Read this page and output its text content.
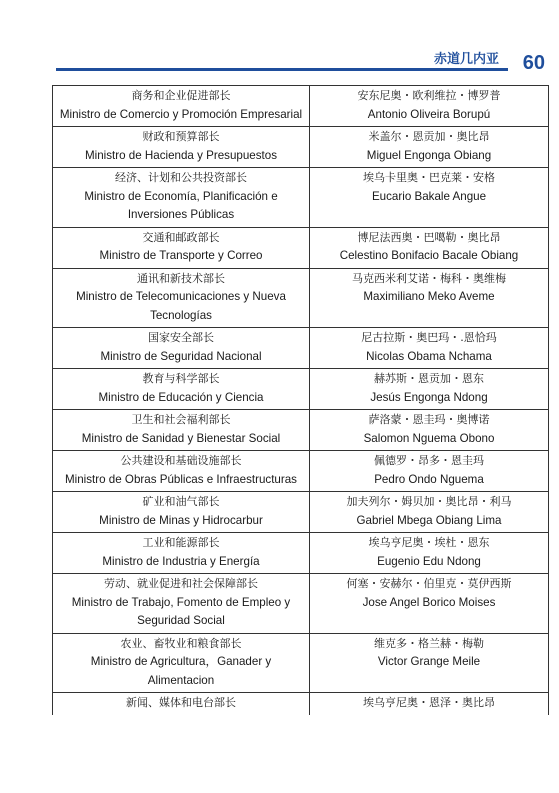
赤道几内亚 60
商务和企业促进部长
Ministro de Comercio y Promoción Empresarial	安东尼奥・欧利维拉・博罗普
Antonio Oliveira Borupú

财政和预算部长
Ministro de Hacienda y Presupuestos	米盖尔・恩贡加・奥比昂
Miguel Engonga Obiang

经济、计划和公共投资部长
Ministro de Economía, Planificación e Inversiones Públicas	埃乌卡里奥・巴克莱・安格
Eucario Bakale Angue

交通和邮政部长
Ministro de Transporte y Correo	博尼法西奥・巴噶勒・奥比昂
Celestino Bonifacio Bacale Obiang

通讯和新技术部长
Ministro de Telecomunicaciones y Nueva Tecnologías	马克西米利艾诺・梅科・奥维梅
Maximiliano Meko Aveme

国家安全部长
Ministro de Seguridad Nacional	尼古拉斯・奥巴玛・.恩恰玛
Nicolas Obama Nchama

教育与科学部长
Ministro de Educación y Ciencia	赫苏斯・恩贡加・恩东
Jesús Engonga Ndong

卫生和社会福利部长
Ministro de Sanidad y Bienestar Social	萨洛蒙・恩圭玛・奥博诺
Salomon Nguema Obono

公共建设和基础设施部长
Ministro de Obras Públicas e Infraestructuras	佩德罗・昂多・恩圭玛
Pedro Ondo Nguema

矿业和油气部长
Ministro de Minas y Hidrocarbur	加夫列尔・姆贝加・奥比昂・利马
Gabriel Mbega Obiang Lima

工业和能源部长
Ministro de Industria y Energía	埃乌亨尼奥・埃杜・恩东
Eugenio Edu Ndong

劳动、就业促进和社会保障部长
Ministro de Trabajo, Fomento de Empleo y Seguridad Social	何塞・安赫尔・伯里克・莫伊西斯
Jose Angel Borico Moises

农业、畜牧业和粮食部长
Ministro de Agricultura，Ganader y Alimentacion	维克多・格兰赫・梅勒
Victor Grange Meile

新闻、媒体和电台部长	埃乌亨尼奥・恩泽・奥比昂
